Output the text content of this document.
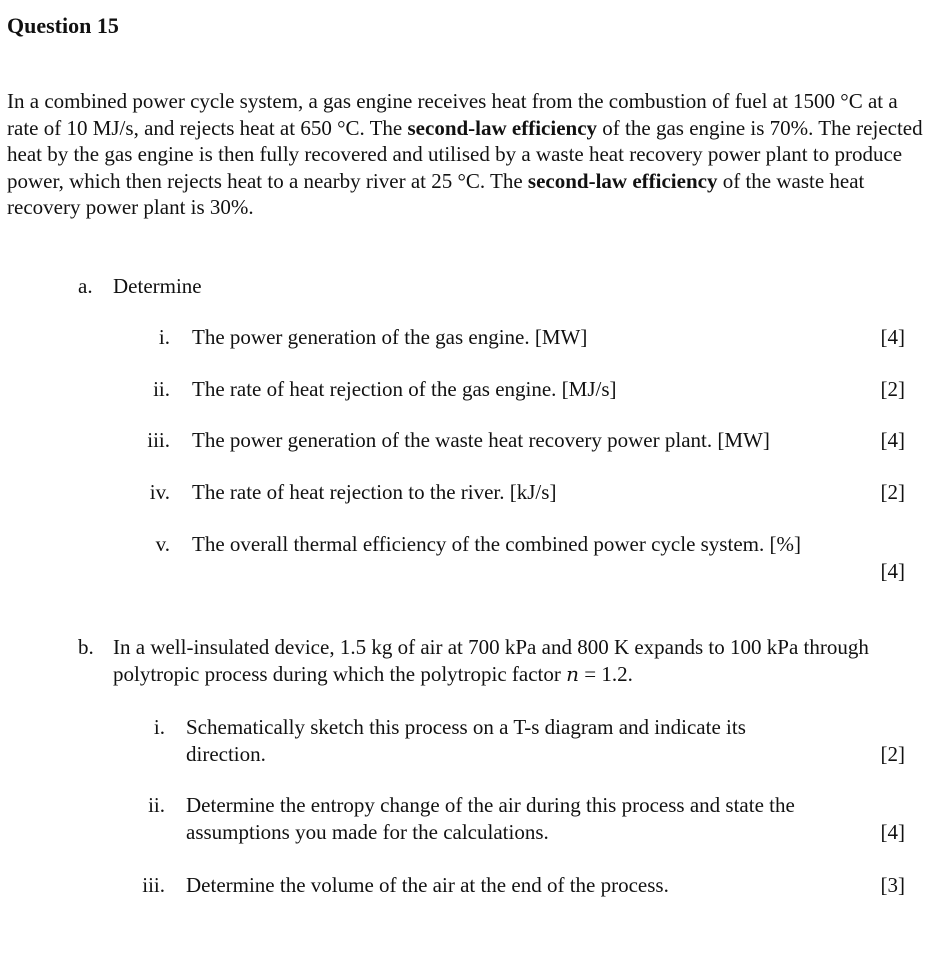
Question 15
In a combined power cycle system, a gas engine receives heat from the combustion of fuel at 1500 °C at a rate of 10 MJ/s, and rejects heat at 650 °C. The second-law efficiency of the gas engine is 70%. The rejected heat by the gas engine is then fully recovered and utilised by a waste heat recovery power plant to produce power, which then rejects heat to a nearby river at 25 °C. The second-law efficiency of the waste heat recovery power plant is 30%.
a. Determine
i. The power generation of the gas engine. [MW]	[4]
ii. The rate of heat rejection of the gas engine. [MJ/s]	[2]
iii. The power generation of the waste heat recovery power plant. [MW]	[4]
iv. The rate of heat rejection to the river. [kJ/s]	[2]
v. The overall thermal efficiency of the combined power cycle system. [%]
[4]
b. In a well-insulated device, 1.5 kg of air at 700 kPa and 800 K expands to 100 kPa through polytropic process during which the polytropic factor n = 1.2.
i. Schematically sketch this process on a T-s diagram and indicate its
direction.	[2]
ii. Determine the entropy change of the air during this process and state the
assumptions you made for the calculations.	[4]
iii. Determine the volume of the air at the end of the process.	[3]
